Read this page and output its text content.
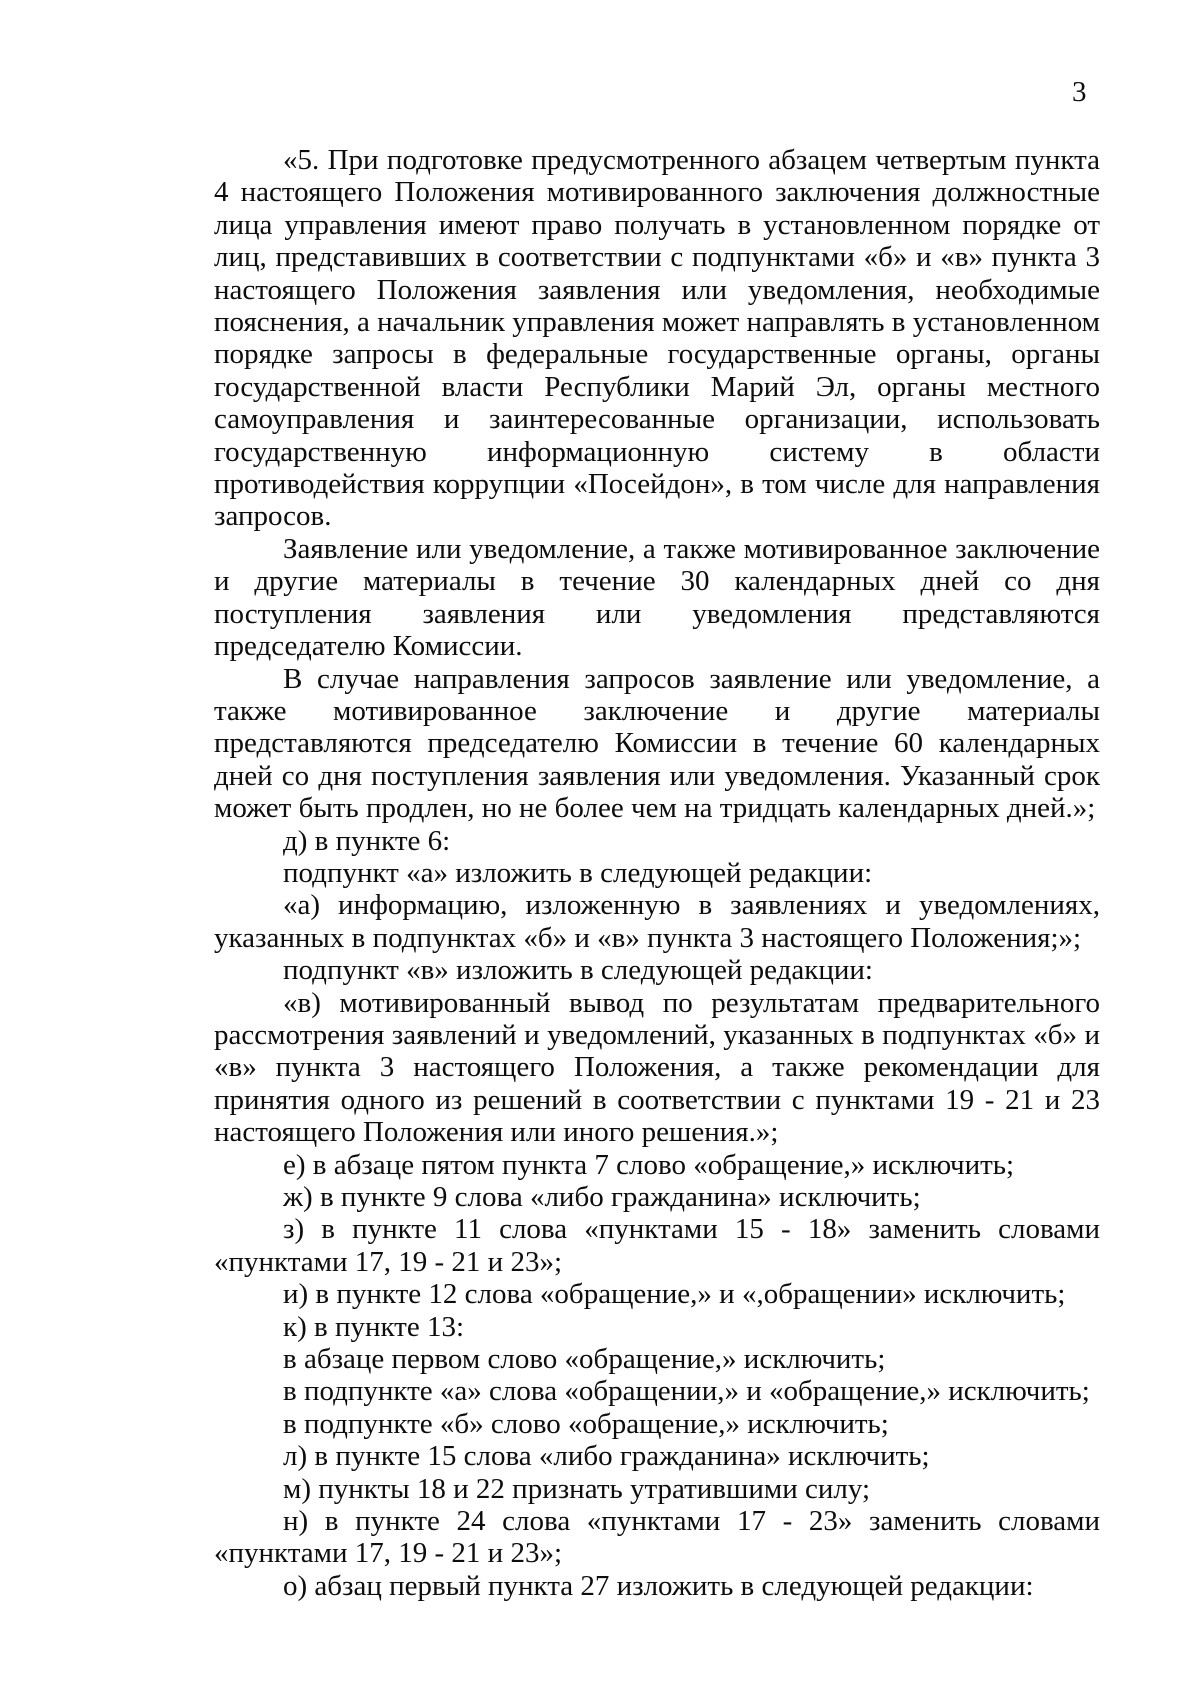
3

«5. При подготовке предусмотренного абзацем четвертым пункта 4 настоящего Положения мотивированного заключения должностные лица управления имеют право получать в установленном порядке от лиц, представивших в соответствии с подпунктами «б» и «в» пункта 3 настоящего Положения заявления или уведомления, необходимые пояснения, а начальник управления может направлять в установленном порядке запросы в федеральные государственные органы, органы государственной власти Республики Марий Эл, органы местного самоуправления и заинтересованные организации, использовать государственную информационную систему в области противодействия коррупции «Посейдон», в том числе для направления запросов.

Заявление или уведомление, а также мотивированное заключение и другие материалы в течение 30 календарных дней со дня поступления заявления или уведомления представляются председателю Комиссии.

В случае направления запросов заявление или уведомление, а также мотивированное заключение и другие материалы представляются председателю Комиссии в течение 60 календарных дней со дня поступления заявления или уведомления. Указанный срок может быть продлен, но не более чем на тридцать календарных дней.»;

д) в пункте 6:

подпункт «а» изложить в следующей редакции:

«а) информацию, изложенную в заявлениях и уведомлениях, указанных в подпунктах «б» и «в» пункта 3 настоящего Положения;»;

подпункт «в» изложить в следующей редакции:

«в) мотивированный вывод по результатам предварительного рассмотрения заявлений и уведомлений, указанных в подпунктах «б» и «в» пункта 3 настоящего Положения, а также рекомендации для принятия одного из решений в соответствии с пунктами 19 - 21 и 23 настоящего Положения или иного решения.»;

е) в абзаце пятом пункта 7 слово «обращение,» исключить;

ж) в пункте 9 слова «либо гражданина» исключить;

з) в пункте 11 слова «пунктами 15 - 18» заменить словами «пунктами 17, 19 - 21 и 23»;

и) в пункте 12 слова «обращение,» и «,обращении» исключить;

к) в пункте 13:

в абзаце первом слово «обращение,» исключить;

в подпункте «а» слова «обращении,» и «обращение,» исключить;

в подпункте «б» слово «обращение,» исключить;

л) в пункте 15 слова «либо гражданина» исключить;

м) пункты 18 и 22 признать утратившими силу;

н) в пункте 24 слова «пунктами 17 - 23» заменить словами «пунктами 17, 19 - 21 и 23»;

о) абзац первый пункта 27 изложить в следующей редакции:
